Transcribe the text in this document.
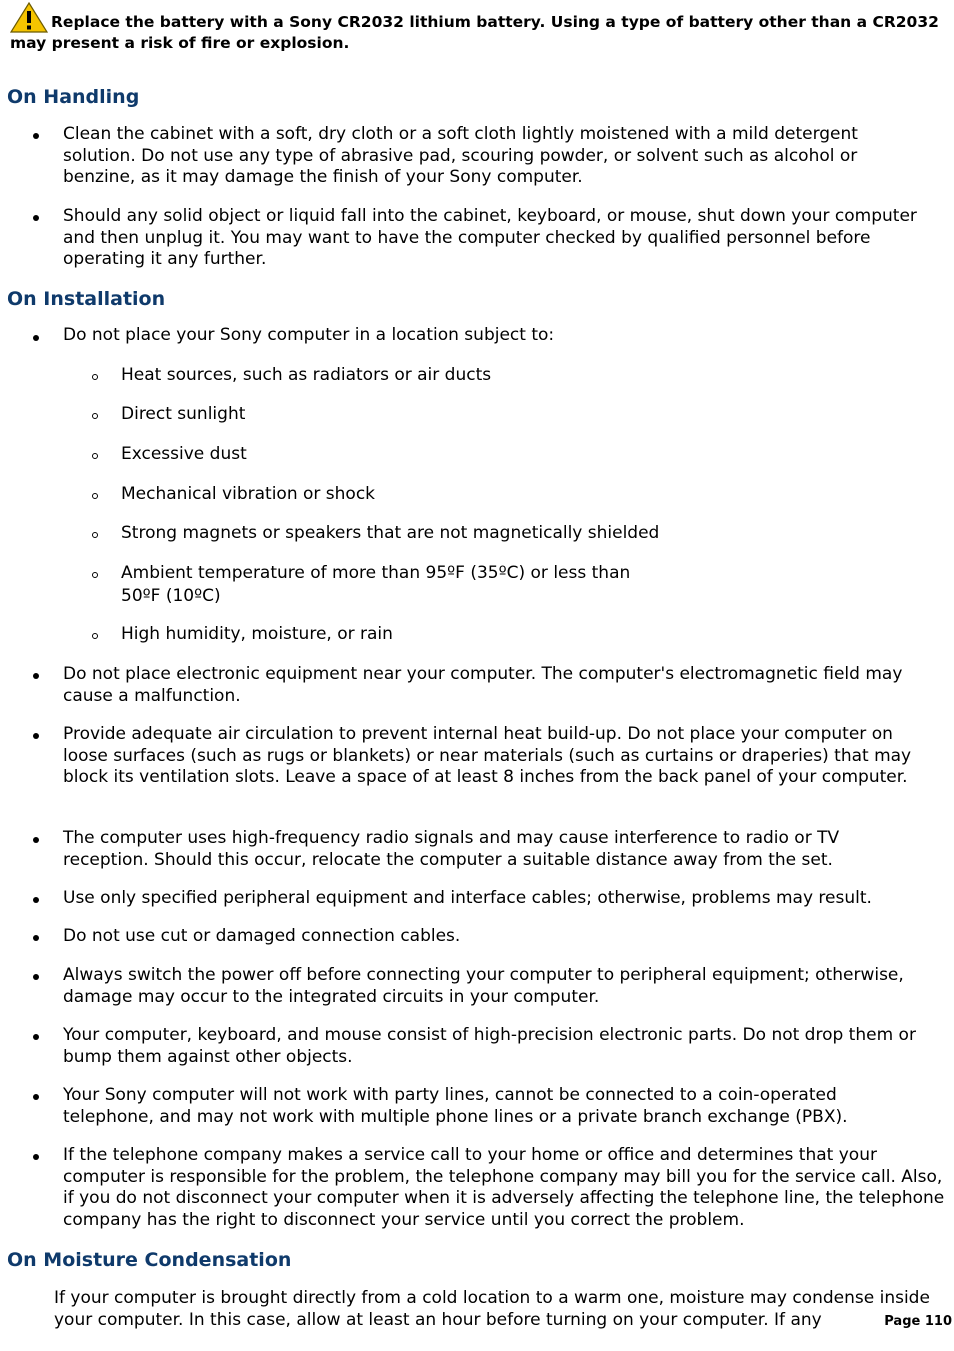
Replace the battery with a Sony CR2032 lithium battery. Using a type of battery other than a CR2032 may present a risk of fire or explosion.
On Handling
Clean the cabinet with a soft, dry cloth or a soft cloth lightly moistened with a mild detergent solution. Do not use any type of abrasive pad, scouring powder, or solvent such as alcohol or benzine, as it may damage the finish of your Sony computer.
Should any solid object or liquid fall into the cabinet, keyboard, or mouse, shut down your computer and then unplug it. You may want to have the computer checked by qualified personnel before operating it any further.
On Installation
Do not place your Sony computer in a location subject to:
Heat sources, such as radiators or air ducts
Direct sunlight
Excessive dust
Mechanical vibration or shock
Strong magnets or speakers that are not magnetically shielded
Ambient temperature of more than 95ºF (35ºC) or less than
50ºF (10ºC)
High humidity, moisture, or rain
Do not place electronic equipment near your computer. The computer's electromagnetic field may cause a malfunction.
Provide adequate air circulation to prevent internal heat build-up. Do not place your computer on loose surfaces (such as rugs or blankets) or near materials (such as curtains or draperies) that may block its ventilation slots. Leave a space of at least 8 inches from the back panel of your computer.
The computer uses high-frequency radio signals and may cause interference to radio or TV reception. Should this occur, relocate the computer a suitable distance away from the set.
Use only specified peripheral equipment and interface cables; otherwise, problems may result.
Do not use cut or damaged connection cables.
Always switch the power off before connecting your computer to peripheral equipment; otherwise, damage may occur to the integrated circuits in your computer.
Your computer, keyboard, and mouse consist of high-precision electronic parts. Do not drop them or bump them against other objects.
Your Sony computer will not work with party lines, cannot be connected to a coin-operated telephone, and may not work with multiple phone lines or a private branch exchange (PBX).
If the telephone company makes a service call to your home or office and determines that your computer is responsible for the problem, the telephone company may bill you for the service call. Also, if you do not disconnect your computer when it is adversely affecting the telephone line, the telephone company has the right to disconnect your service until you correct the problem.
On Moisture Condensation
If your computer is brought directly from a cold location to a warm one, moisture may condense inside your computer. In this case, allow at least an hour before turning on your computer. If any	Page 110
